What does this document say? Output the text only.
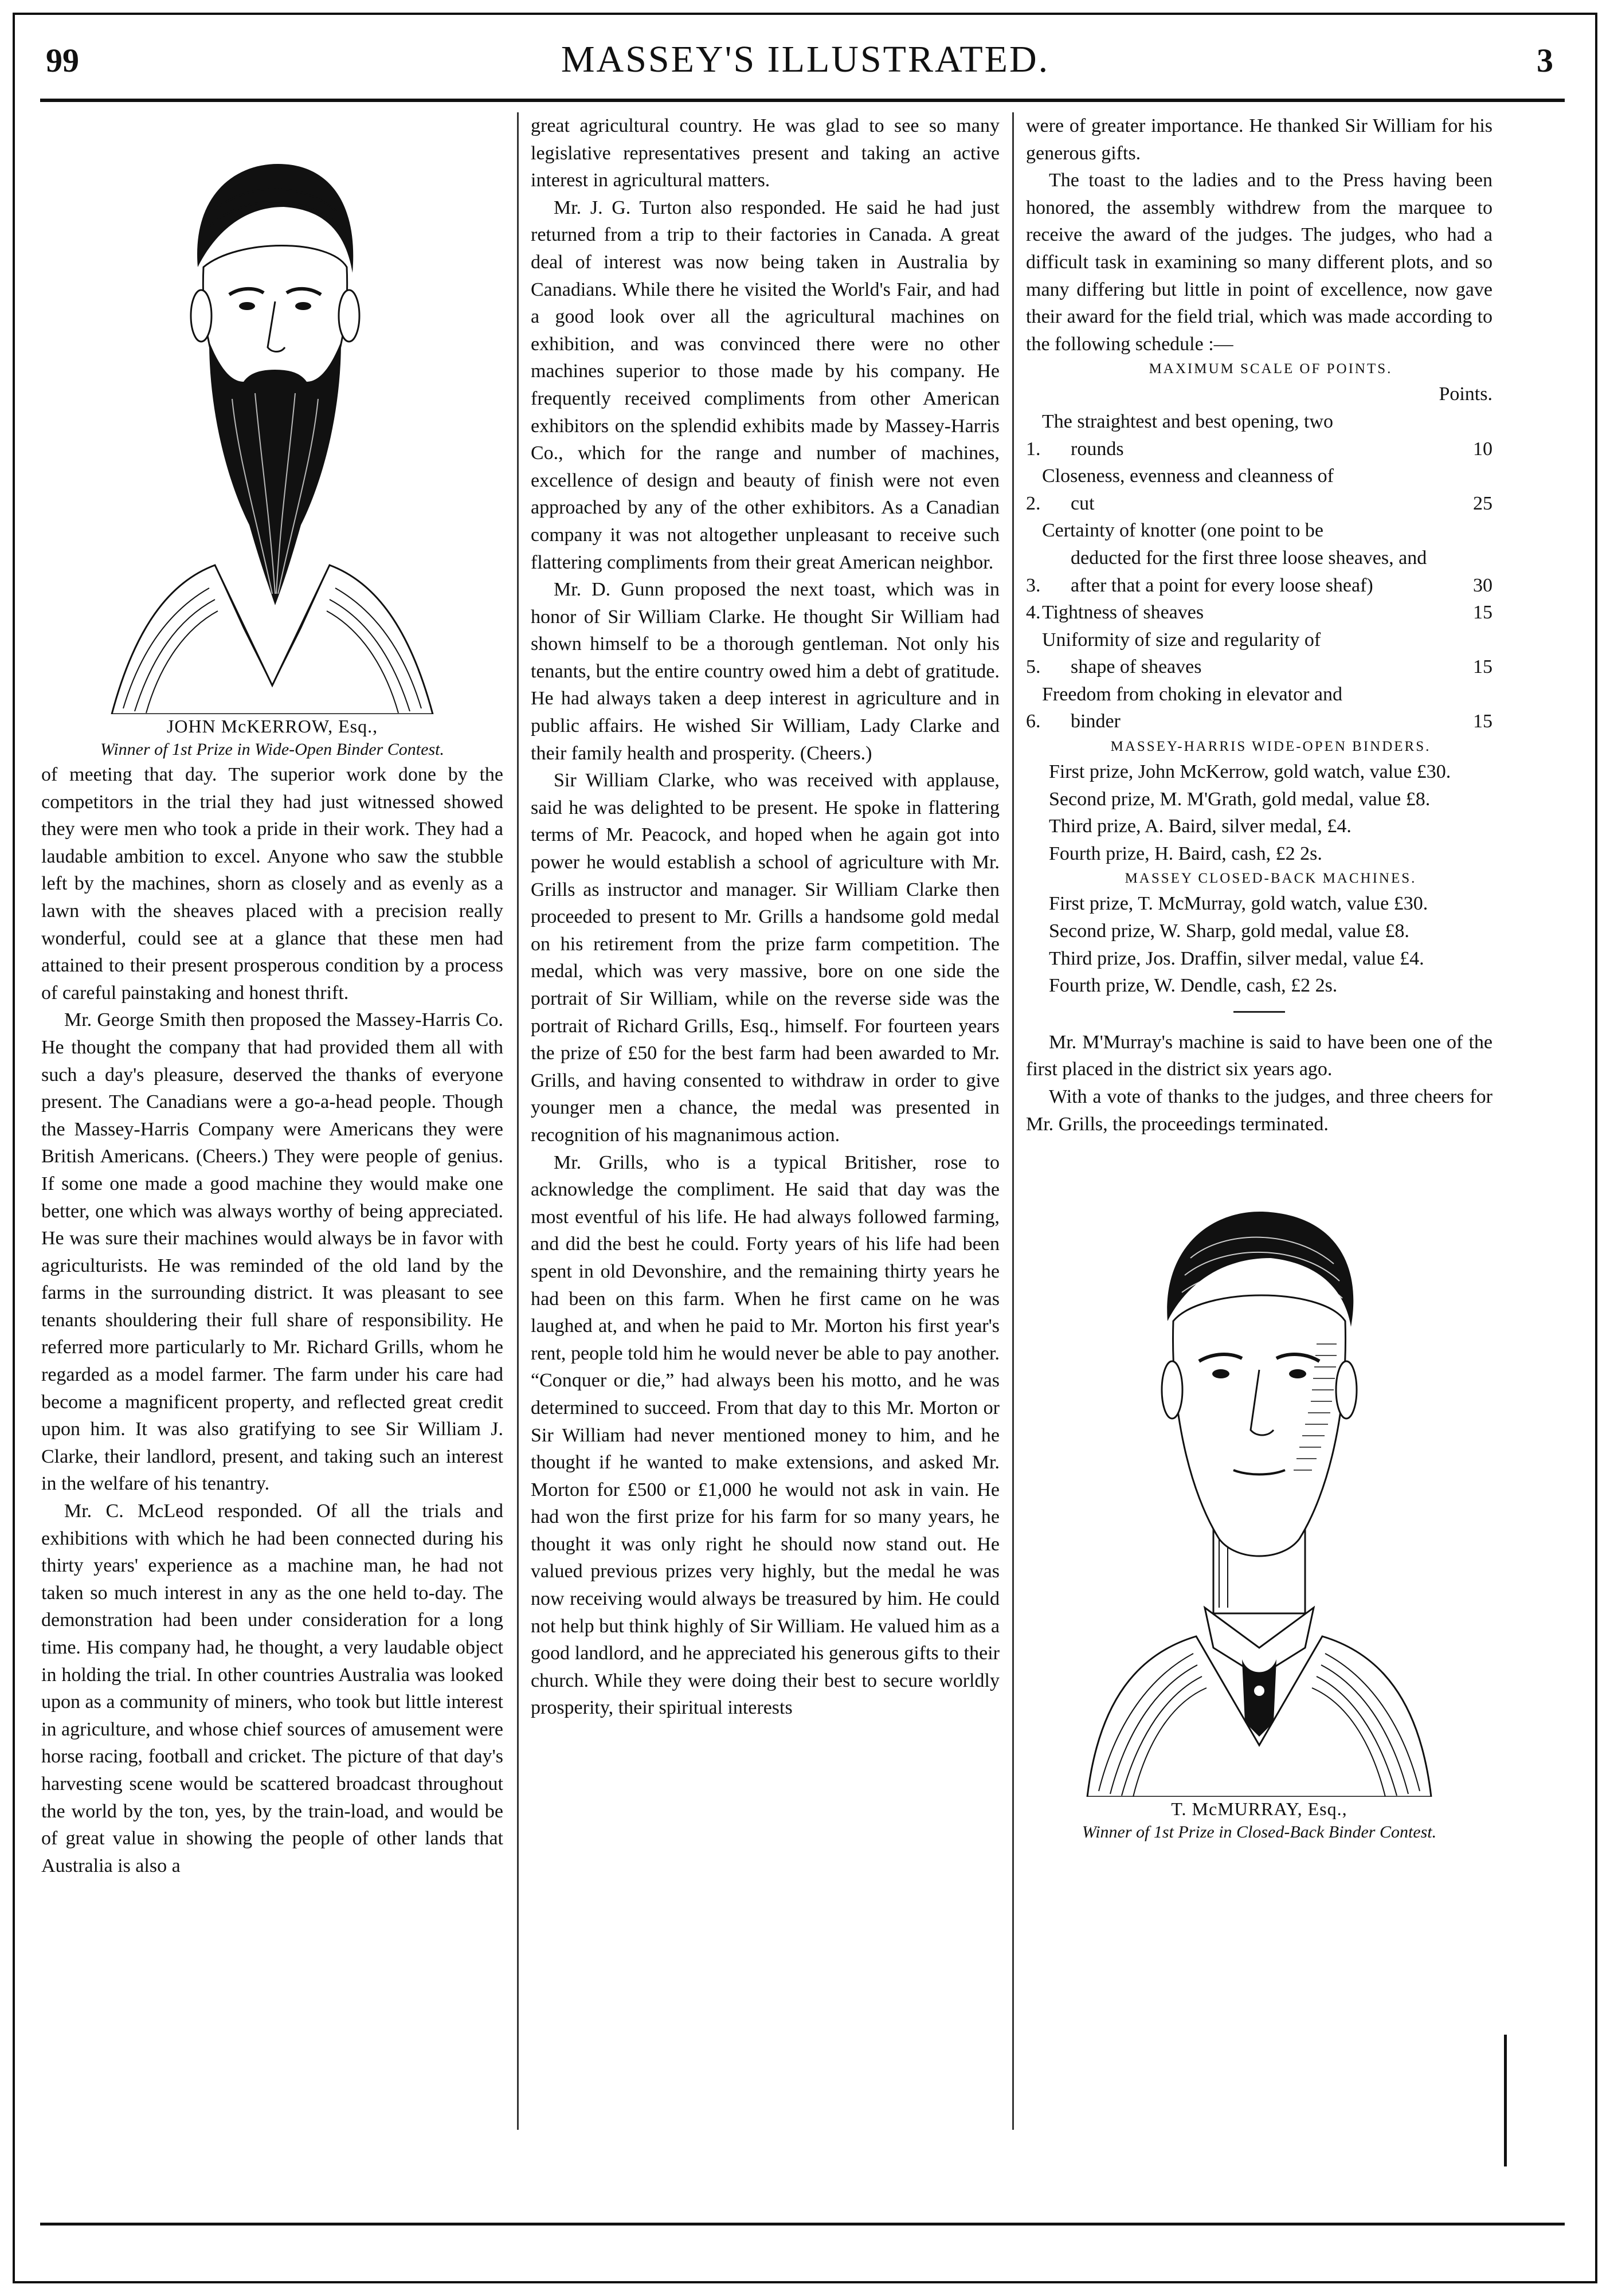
99	MASSEY'S ILLUSTRATED.	3

JOHN McKERROW, Esq.,

Winner of 1st Prize in Wide-Open Binder Contest.

of meeting that day. The superior work done by the competitors in the trial they had just witnessed showed they were men who took a pride in their work. They had a laudable ambition to excel. Anyone who saw the stubble left by the machines, shorn as closely and as evenly as a lawn with the sheaves placed with a precision really wonderful, could see at a glance that these men had attained to their present prosperous condition by a process of careful painstaking and honest thrift.

Mr. George Smith then proposed the Massey-Harris Co. He thought the company that had provided them all with such a day's pleasure, deserved the thanks of everyone present. The Canadians were a go-a-head people. Though the Massey-Harris Company were Americans they were British Americans. (Cheers.) They were people of genius. If some one made a good machine they would make one better, one which was always worthy of being appreciated. He was sure their machines would always be in favor with agriculturists. He was reminded of the old land by the farms in the surrounding district. It was pleasant to see tenants shouldering their full share of responsibility. He referred more particularly to Mr. Richard Grills, whom he regarded as a model farmer. The farm under his care had become a magnificent property, and reflected great credit upon him. It was also gratifying to see Sir William J. Clarke, their landlord, present, and taking such an interest in the welfare of his tenantry.

Mr. C. McLeod responded. Of all the trials and exhibitions with which he had been connected during his thirty years' experience as a machine man, he had not taken so much interest in any as the one held to-day. The demonstration had been under consideration for a long time. His company had, he thought, a very laudable object in holding the trial. In other countries Australia was looked upon as a community of miners, who took but little interest in agriculture, and whose chief sources of amusement were horse racing, football and cricket. The picture of that day's harvesting scene would be scattered broadcast throughout the world by the ton, yes, by the train-load, and would be of great value in showing the people of other lands that Australia is also a

great agricultural country. He was glad to see so many legislative representatives present and taking an active interest in agricultural matters.

Mr. J. G. Turton also responded. He said he had just returned from a trip to their factories in Canada. A great deal of interest was now being taken in Australia by Canadians. While there he visited the World's Fair, and had a good look over all the agricultural machines on exhibition, and was convinced there were no other machines superior to those made by his company. He frequently received compliments from other American exhibitors on the splendid exhibits made by Massey-Harris Co., which for the range and number of machines, excellence of design and beauty of finish were not even approached by any of the other exhibitors. As a Canadian company it was not altogether unpleasant to receive such flattering compliments from their great American neighbor.

Mr. D. Gunn proposed the next toast, which was in honor of Sir William Clarke. He thought Sir William had shown himself to be a thorough gentleman. Not only his tenants, but the entire country owed him a debt of gratitude. He had always taken a deep interest in agriculture and in public affairs. He wished Sir William, Lady Clarke and their family health and prosperity. (Cheers.)

Sir William Clarke, who was received with applause, said he was delighted to be present. He spoke in flattering terms of Mr. Peacock, and hoped when he again got into power he would establish a school of agriculture with Mr. Grills as instructor and manager. Sir William Clarke then proceeded to present to Mr. Grills a handsome gold medal on his retirement from the prize farm competition. The medal, which was very massive, bore on one side the portrait of Sir William, while on the reverse side was the portrait of Richard Grills, Esq., himself. For fourteen years the prize of £50 for the best farm had been awarded to Mr. Grills, and having consented to withdraw in order to give younger men a chance, the medal was presented in recognition of his magnanimous action.

Mr. Grills, who is a typical Britisher, rose to acknowledge the compliment. He said that day was the most eventful of his life. He had always followed farming, and did the best he could. Forty years of his life had been spent in old Devonshire, and the remaining thirty years he had been on this farm. When he first came on he was laughed at, and when he paid to Mr. Morton his first year's rent, people told him he would never be able to pay another. “Conquer or die,” had always been his motto, and he was determined to succeed. From that day to this Mr. Morton or Sir William had never mentioned money to him, and he thought if he wanted to make extensions, and asked Mr. Morton for £500 or £1,000 he would not ask in vain. He had won the first prize for his farm for so many years, he thought it was only right he should now stand out. He valued previous prizes very highly, but the medal he was now receiving would always be treasured by him. He could not help but think highly of Sir William. He valued him as a good landlord, and he appreciated his generous gifts to their church. While they were doing their best to secure worldly prosperity, their spiritual interests

were of greater importance. He thanked Sir William for his generous gifts.

The toast to the ladies and to the Press having been honored, the assembly withdrew from the marquee to receive the award of the judges. The judges, who had a difficult task in examining so many different plots, and so many differing but little in point of excellence, now gave their award for the field trial, which was made according to the following schedule :—

MAXIMUM SCALE OF POINTS.

Points.

1.
The straightest and best opening, two
rounds	10
2.
Closeness, evenness and cleanness of
cut	25
3.
Certainty of knotter (one point to be
deducted for the first three loose sheaves, and after that a point for every loose sheaf)	30
4. Tightness of sheaves	15
5.
Uniformity of size and regularity of
shape of sheaves	15
6.
Freedom from choking in elevator and
binder	15

MASSEY-HARRIS WIDE-OPEN BINDERS.

First prize, John McKerrow, gold watch, value £30.

Second prize, M. M'Grath, gold medal, value £8.

Third prize, A. Baird, silver medal, £4.

Fourth prize, H. Baird, cash, £2 2s.

MASSEY CLOSED-BACK MACHINES.

First prize, T. McMurray, gold watch, value £30.

Second prize, W. Sharp, gold medal, value £8.

Third prize, Jos. Draffin, silver medal, value £4.

Fourth prize, W. Dendle, cash, £2 2s.

Mr. M'Murray's machine is said to have been one of the first placed in the district six years ago.

With a vote of thanks to the judges, and three cheers for Mr. Grills, the proceedings terminated.

T. McMURRAY, Esq.,

Winner of 1st Prize in Closed-Back Binder Contest.
